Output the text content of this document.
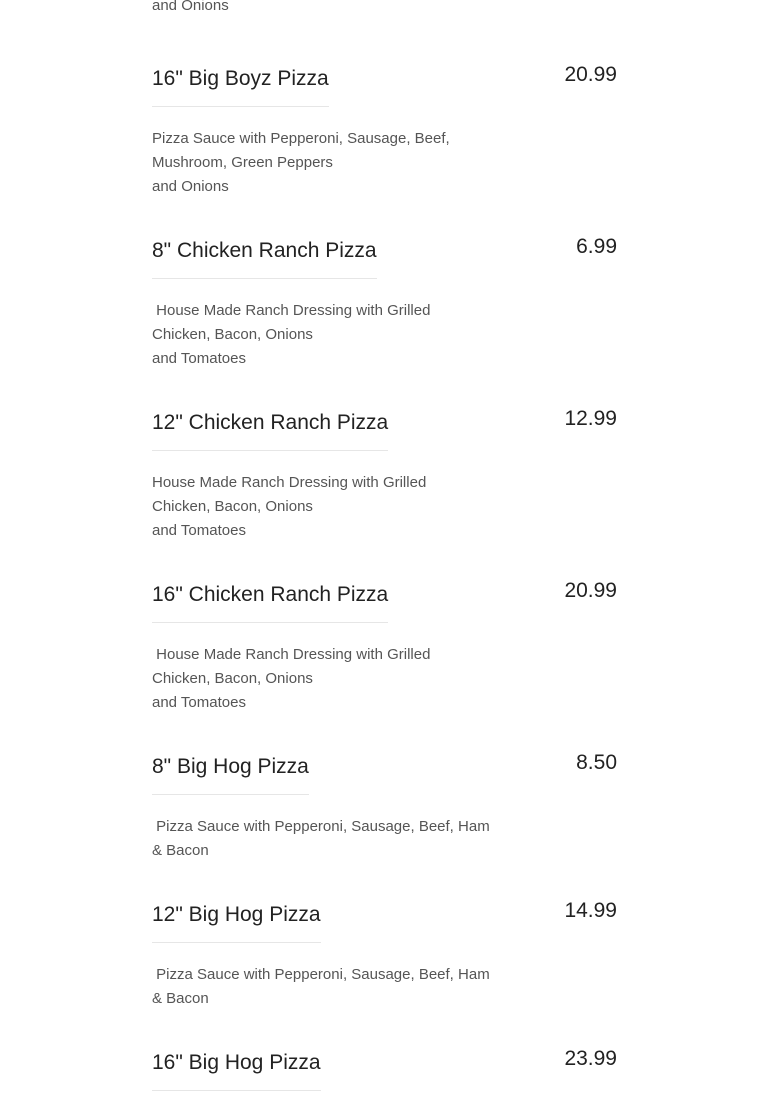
and Onions
16" Big Boyz Pizza	20.99
Pizza Sauce with Pepperoni, Sausage, Beef,
Mushroom, Green Peppers
and Onions
8" Chicken Ranch Pizza	6.99
House Made Ranch Dressing with Grilled
Chicken, Bacon, Onions
and Tomatoes
12" Chicken Ranch Pizza	12.99
House Made Ranch Dressing with Grilled
Chicken, Bacon, Onions
and Tomatoes
16" Chicken Ranch Pizza	20.99
House Made Ranch Dressing with Grilled
Chicken, Bacon, Onions
and Tomatoes
8" Big Hog Pizza	8.50
Pizza Sauce with Pepperoni, Sausage, Beef, Ham
& Bacon
12" Big Hog Pizza	14.99
Pizza Sauce with Pepperoni, Sausage, Beef, Ham
& Bacon
16" Big Hog Pizza	23.99
